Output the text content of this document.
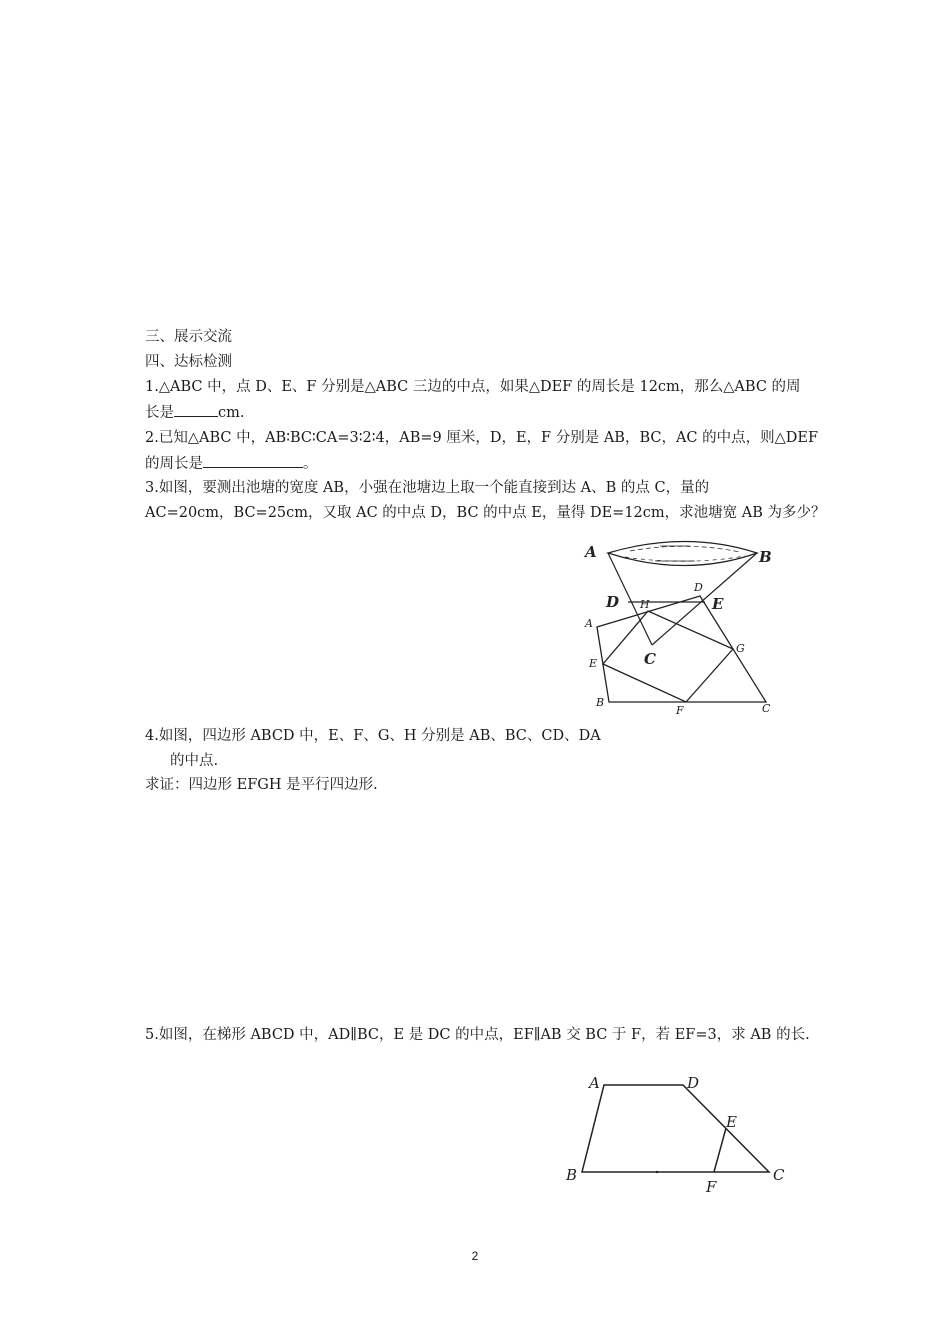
三、展示交流
四、达标检测
1.△ABC 中，点 D、E、F 分别是△ABC 三边的中点，如果△DEF 的周长是 12cm，那么△ABC 的周
长是	cm.
2.已知△ABC 中，AB∶BC∶CA=3∶2∶4，AB=9 厘米，D，E，F 分别是 AB，BC，AC 的中点，则△DEF
的周长是	。
3.如图，要测出池塘的宽度 AB，小强在池塘边上取一个能直接到达 A、B 的点 C，量的
AC=20cm，BC=25cm，又取 AC 的中点 D，BC 的中点 E，量得 DE=12cm，求池塘宽 AB 为多少？
A	B
C
D	E
A
B	C
D
E
F
G
H
4.如图，四边形 ABCD 中，E、F、G、H 分别是 AB、BC、CD、DA
的中点.
求证：四边形 EFGH 是平行四边形.
5.如图，在梯形 ABCD 中，AD∥BC，E 是 DC 的中点，EF∥AB 交 BC 于 F，若 EF=3，求 AB 的长.
A
B	C
D
E
F
2
